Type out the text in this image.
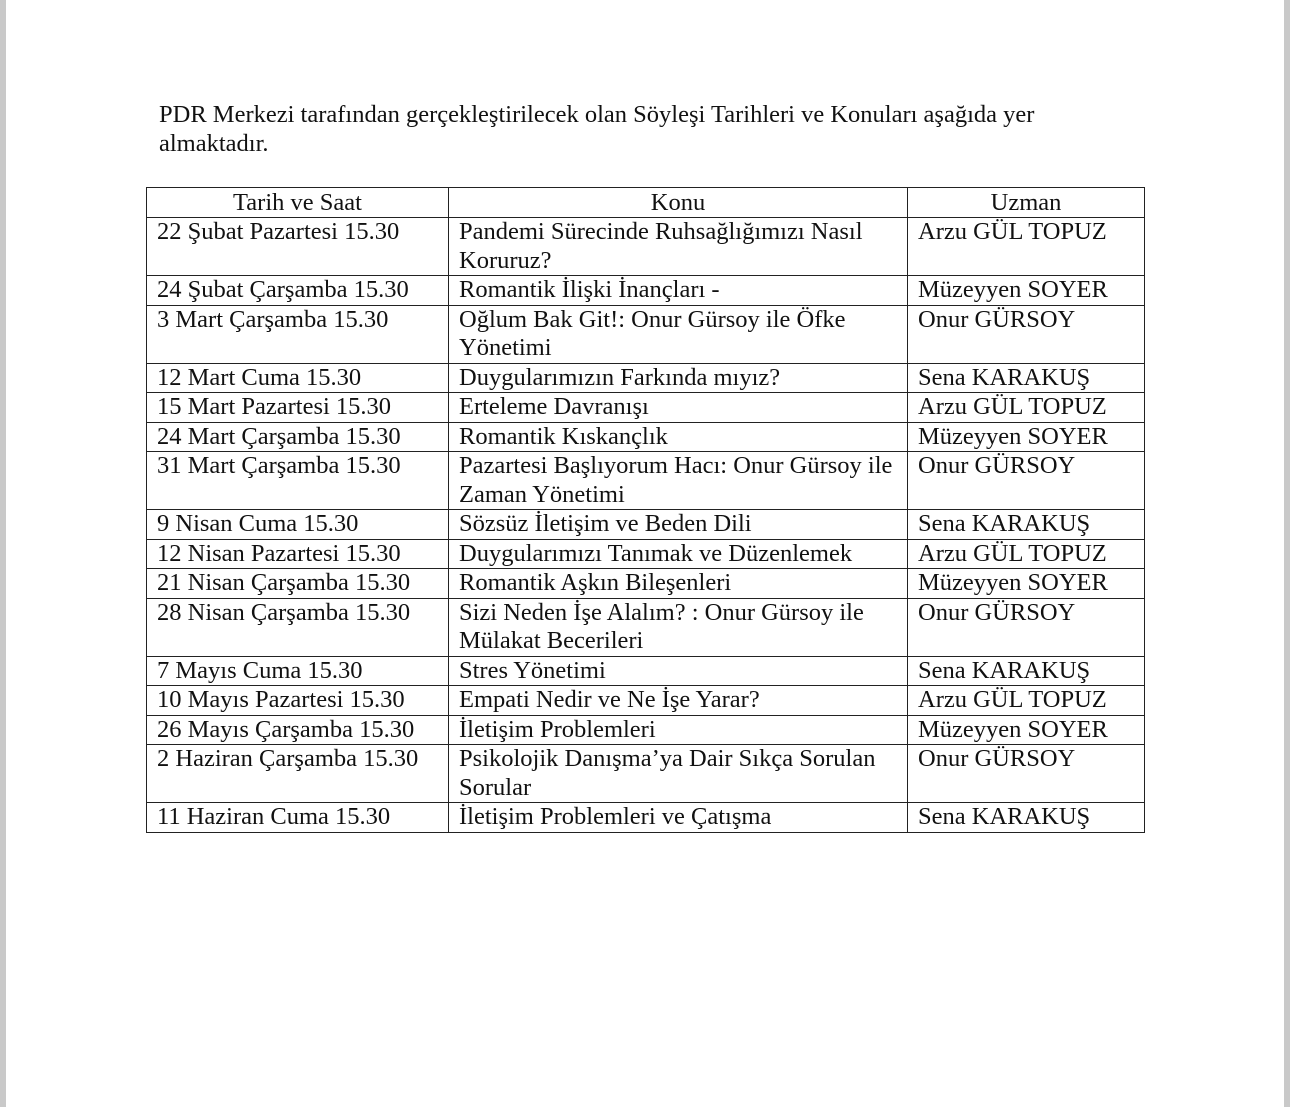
PDR Merkezi tarafından gerçekleştirilecek olan Söyleşi Tarihleri ve Konuları aşağıda yer almaktadır.

Tarih ve Saat	Konu	Uzman
22 Şubat Pazartesi 15.30	Pandemi Sürecinde Ruhsağlığımızı Nasıl Koruruz?	Arzu GÜL TOPUZ
24 Şubat Çarşamba 15.30	Romantik İlişki İnançları -	Müzeyyen SOYER
3 Mart Çarşamba 15.30	Oğlum Bak Git!: Onur Gürsoy ile Öfke Yönetimi	Onur GÜRSOY
12 Mart Cuma 15.30	Duygularımızın Farkında mıyız?	Sena KARAKUŞ
15 Mart Pazartesi 15.30	Erteleme Davranışı	Arzu GÜL TOPUZ
24 Mart Çarşamba 15.30	Romantik Kıskançlık	Müzeyyen SOYER
31 Mart Çarşamba 15.30	Pazartesi Başlıyorum Hacı: Onur Gürsoy ile Zaman Yönetimi	Onur GÜRSOY
9 Nisan Cuma 15.30	Sözsüz İletişim ve Beden Dili	Sena KARAKUŞ
12 Nisan Pazartesi 15.30	Duygularımızı Tanımak ve Düzenlemek	Arzu GÜL TOPUZ
21 Nisan Çarşamba 15.30	Romantik Aşkın Bileşenleri	Müzeyyen SOYER
28 Nisan Çarşamba 15.30	Sizi Neden İşe Alalım? : Onur Gürsoy ile Mülakat Becerileri	Onur GÜRSOY
7 Mayıs Cuma 15.30	Stres Yönetimi	Sena KARAKUŞ
10 Mayıs Pazartesi 15.30	Empati Nedir ve Ne İşe Yarar?	Arzu GÜL TOPUZ
26 Mayıs Çarşamba 15.30	İletişim Problemleri	Müzeyyen SOYER
2 Haziran Çarşamba 15.30	Psikolojik Danışma’ya Dair Sıkça Sorulan Sorular	Onur GÜRSOY
11 Haziran Cuma 15.30	İletişim Problemleri ve Çatışma	Sena KARAKUŞ
